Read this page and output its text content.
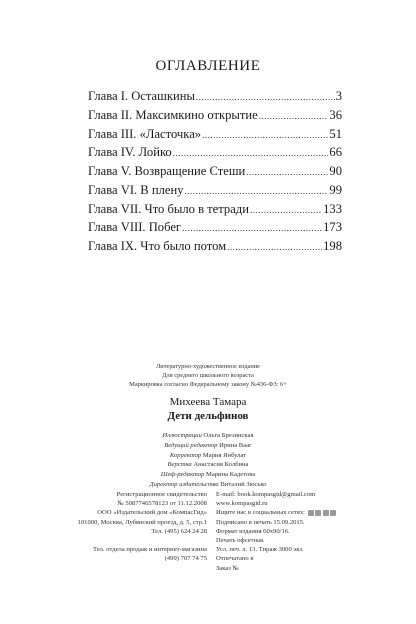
ОГЛАВЛЕНИЕ
Глава I. Осташкины .....	3
Глава II. Максимкино открытие .....	36
Глава III. «Ласточка» .....	51
Глава IV. Лойко .....	66
Глава V. Возвращение Стеши .....	90
Глава VI. В плену .....	99
Глава VII. Что было в тетради .....	133
Глава VIII. Побег .....	173
Глава IX. Что было потом .....	198
Литературно-художественное издание
Для среднего школьного возраста
Маркировка согласно Федеральному закону №436-ФЗ: 6+
Михеева Тамара
Дети дельфинов
Иллюстрации Ольга Брезинская
Ведущий редактор Ирина Вааг
Корректор Мария Янбулат
Верстка Анастасия Колбина
Шеф-редактор Марина Кадетова
Директор издательства Виталий Зюсько
Регистрационное свидетельство
№ 5087746578123 от 11.12.2008
ООО «Издательский дом «КомпасГид»
101000, Москва, Лубянский проезд, д. 5, стр.1
Тел. (495) 624 24 28
Тел. отдела продаж и интернет-магазина
(499) 707 74 75
E-mail: book.kompasgid@gmail.com
www.kompasgid.ru
Ищите нас в социальных сетях:
Подписано в печать 15.09.2015.
Формат издания 60x90/16.
Печать офсетная.
Усл. печ. л. 13. Тираж 3000 экз.
Отпечатано в
Заказ №
